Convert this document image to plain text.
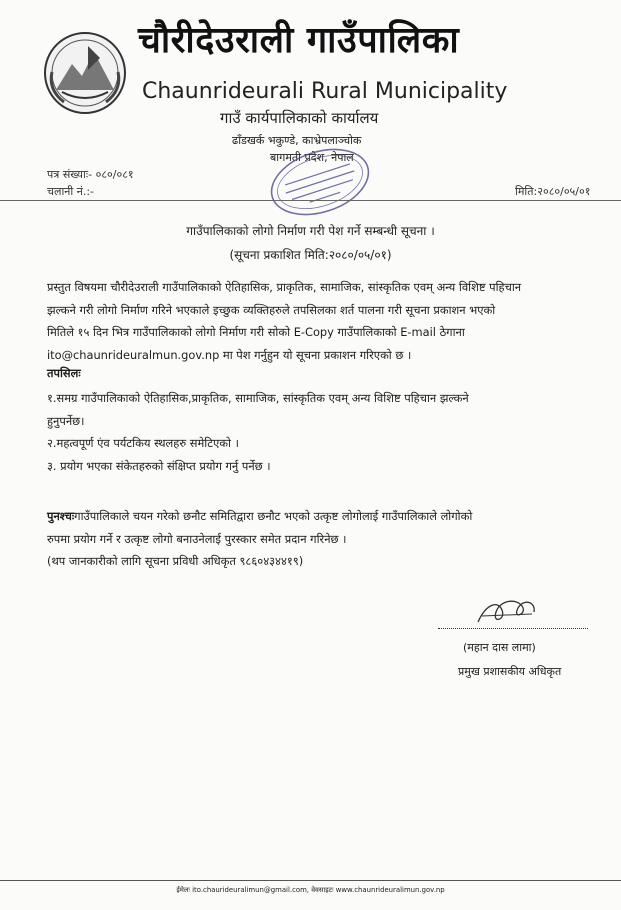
चौरीदेउराली गाउँपालिका
Chaunrideurali Rural Municipality
गाउँ कार्यपालिकाको कार्यालय
ढाँडखर्क भकुण्डे, काभ्रेपलाञ्चोक
बागमती प्रदेश, नेपाल
पत्र संख्याः- ०८०/०८१
चलानी नं.:-	मिति:२०८०/०५/०१
गाउँपालिकाको लोगो निर्माण गरी पेश गर्ने सम्बन्धी सूचना ।
(सूचना प्रकाशित मिति:२०८०/०५/०१)
प्रस्तुत विषयमा चौरीदेउराली गाउँपालिकाको ऐतिहासिक, प्राकृतिक, सामाजिक, सांस्कृतिक एवम् अन्य विशिष्ट पहिचान
झल्कने गरी लोगो निर्माण गरिने भएकाले इच्छुक व्यक्तिहरुले तपसिलका शर्त पालना गरी सूचना प्रकाशन भएको
मितिले १५ दिन भित्र गाउँपालिकाको लोगो निर्माण गरी सोको E-Copy गाउँपालिकाको E-mail ठेगाना
ito@chaunrideuralmun.gov.np मा पेश गर्नुहुन यो सूचना प्रकाशन गरिएको छ ।
तपसिलः
१.समग्र गाउँपालिकाको ऐतिहासिक,प्राकृतिक, सामाजिक, सांस्कृतिक एवम् अन्य विशिष्ट पहिचान झल्कने
हुनुपर्नेछ।
२.महत्वपूर्ण एंव पर्यटकिय स्थलहरु समेटिएको ।
३. प्रयोग भएका संकेतहरुको संक्षिप्त प्रयोग गर्नु पर्नेछ ।
पुनश्चःगाउँपालिकाले चयन गरेको छनौट समितिद्वारा छनौट भएको उत्कृष्ट लोगोलाई गाउँपालिकाले लोगोको
रुपमा प्रयोग गर्ने र उत्कृष्ट लोगो बनाउनेलाई पुरस्कार समेत प्रदान गरिनेछ ।
(थप जानकारीको लागि सूचना प्रविधी अधिकृत ९८६०४३४४१९)
(महान दास लामा)
प्रमुख प्रशासकीय अधिकृत
ईमेलः ito.chaurideuralimun@gmail.com, वेवसाइटः www.chaunrideuralimun.gov.np
